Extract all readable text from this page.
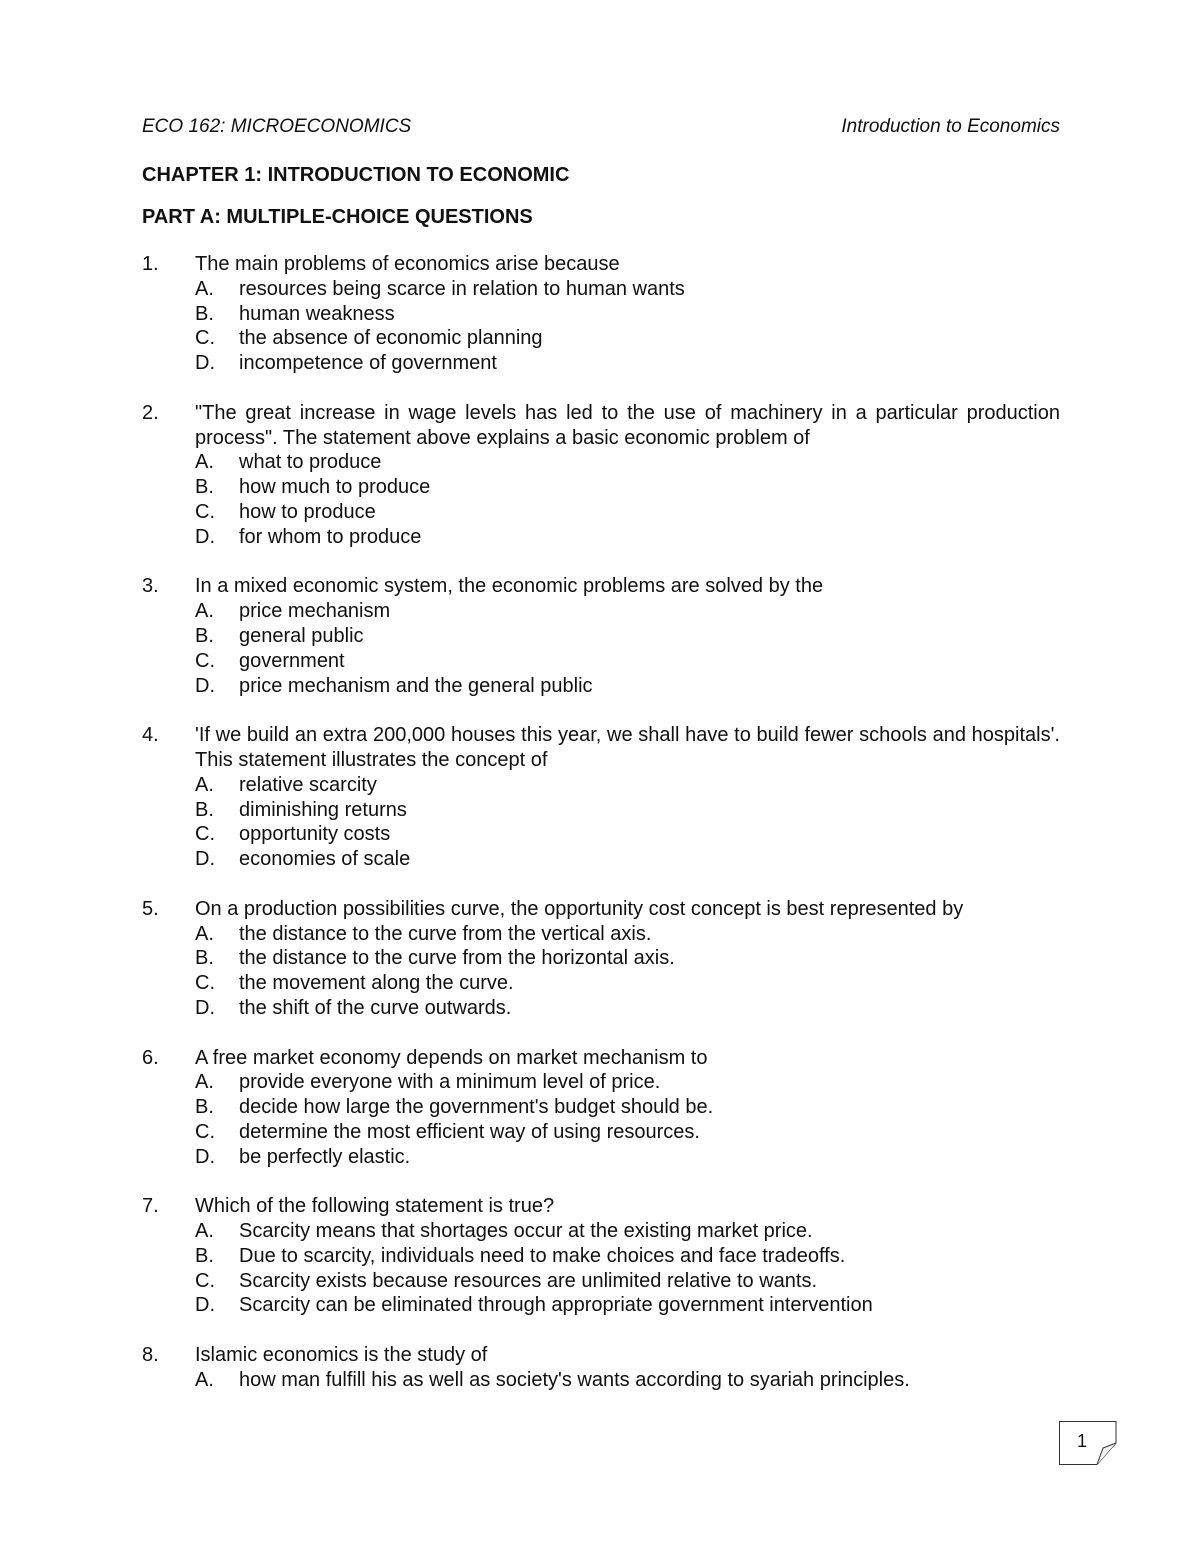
ECO 162: MICROECONOMICS	Introduction to Economics
CHAPTER 1: INTRODUCTION TO ECONOMIC
PART A: MULTIPLE-CHOICE QUESTIONS
1. The main problems of economics arise because
A. resources being scarce in relation to human wants
B. human weakness
C. the absence of economic planning
D. incompetence of government
2. "The great increase in wage levels has led to the use of machinery in a particular production process". The statement above explains a basic economic problem of
A. what to produce
B. how much to produce
C. how to produce
D. for whom to produce
3. In a mixed economic system, the economic problems are solved by the
A. price mechanism
B. general public
C. government
D. price mechanism and the general public
4. 'If we build an extra 200,000 houses this year, we shall have to build fewer schools and hospitals'. This statement illustrates the concept of
A. relative scarcity
B. diminishing returns
C. opportunity costs
D. economies of scale
5. On a production possibilities curve, the opportunity cost concept is best represented by
A. the distance to the curve from the vertical axis.
B. the distance to the curve from the horizontal axis.
C. the movement along the curve.
D. the shift of the curve outwards.
6. A free market economy depends on market mechanism to
A. provide everyone with a minimum level of price.
B. decide how large the government's budget should be.
C. determine the most efficient way of using resources.
D. be perfectly elastic.
7. Which of the following statement is true?
A. Scarcity means that shortages occur at the existing market price.
B. Due to scarcity, individuals need to make choices and face tradeoffs.
C. Scarcity exists because resources are unlimited relative to wants.
D. Scarcity can be eliminated through appropriate government intervention
8. Islamic economics is the study of
A. how man fulfill his as well as society's wants according to syariah principles.
1
